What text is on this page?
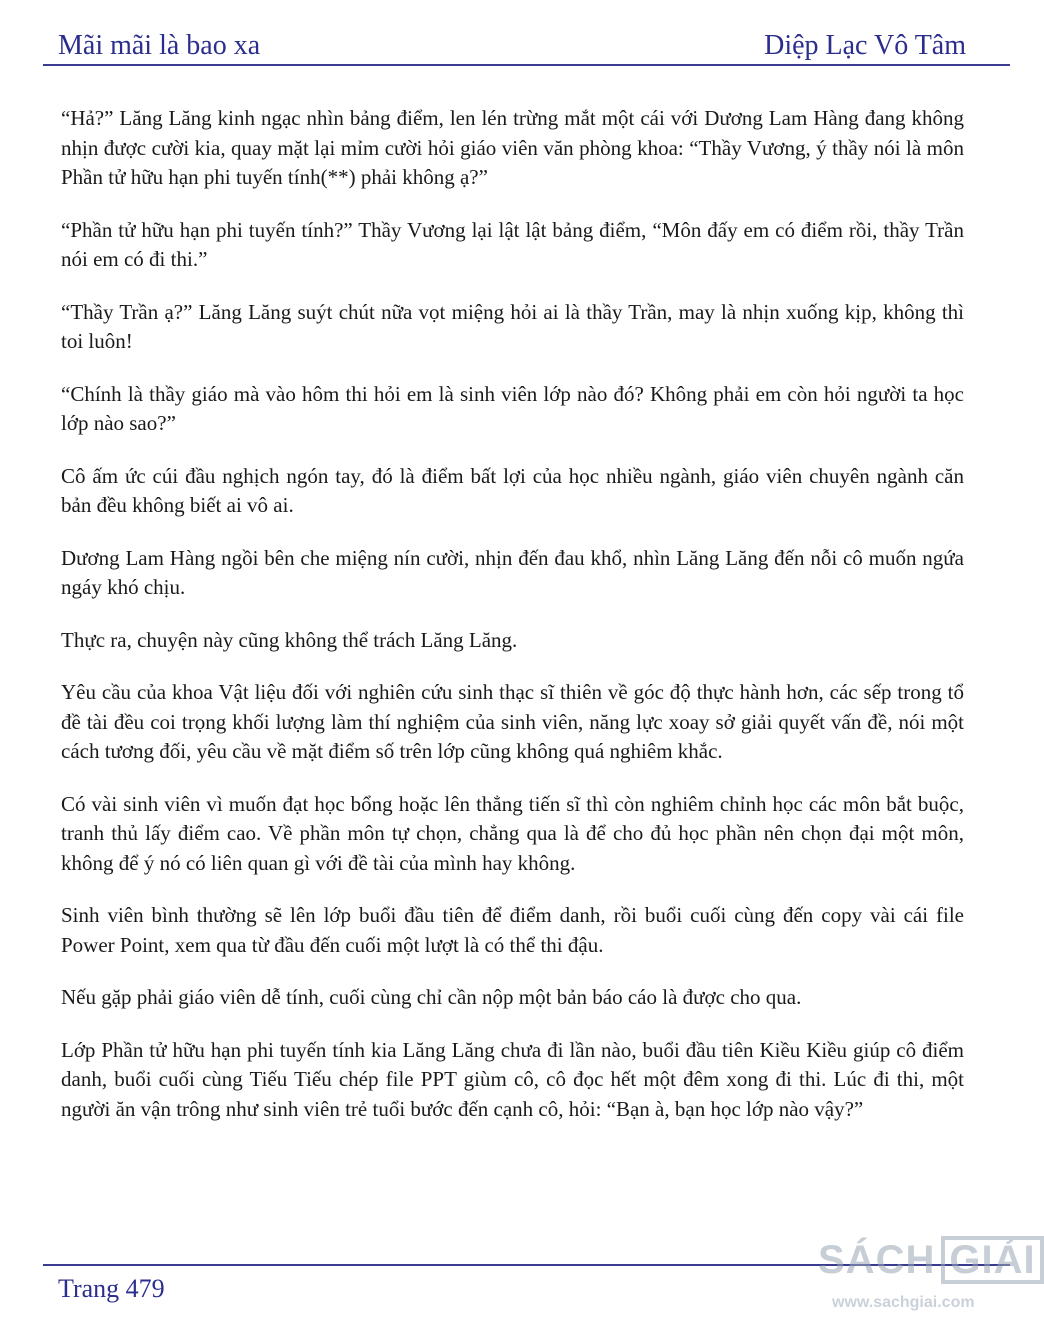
Mãi mãi là bao xa	Diệp Lạc Vô Tâm

“Hả?” Lăng Lăng kinh ngạc nhìn bảng điểm, len lén trừng mắt một cái với Dương Lam Hàng đang không nhịn được cười kia, quay mặt lại mỉm cười hỏi giáo viên văn phòng khoa: “Thầy Vương, ý thầy nói là môn Phần tử hữu hạn phi tuyến tính(**) phải không ạ?”

“Phần tử hữu hạn phi tuyến tính?” Thầy Vương lại lật lật bảng điểm, “Môn đấy em có điểm rồi, thầy Trần nói em có đi thi.”

“Thầy Trần ạ?” Lăng Lăng suýt chút nữa vọt miệng hỏi ai là thầy Trần, may là nhịn xuống kịp, không thì toi luôn!

“Chính là thầy giáo mà vào hôm thi hỏi em là sinh viên lớp nào đó? Không phải em còn hỏi người ta học lớp nào sao?”

Cô ấm ức cúi đầu nghịch ngón tay, đó là điểm bất lợi của học nhiều ngành, giáo viên chuyên ngành căn bản đều không biết ai vô ai.

Dương Lam Hàng ngồi bên che miệng nín cười, nhịn đến đau khổ, nhìn Lăng Lăng đến nỗi cô muốn ngứa ngáy khó chịu.

Thực ra, chuyện này cũng không thể trách Lăng Lăng.

Yêu cầu của khoa Vật liệu đối với nghiên cứu sinh thạc sĩ thiên về góc độ thực hành hơn, các sếp trong tổ đề tài đều coi trọng khối lượng làm thí nghiệm của sinh viên, năng lực xoay sở giải quyết vấn đề, nói một cách tương đối, yêu cầu về mặt điểm số trên lớp cũng không quá nghiêm khắc.

Có vài sinh viên vì muốn đạt học bổng hoặc lên thẳng tiến sĩ thì còn nghiêm chỉnh học các môn bắt buộc, tranh thủ lấy điểm cao. Về phần môn tự chọn, chẳng qua là để cho đủ học phần nên chọn đại một môn, không để ý nó có liên quan gì với đề tài của mình hay không.

Sinh viên bình thường sẽ lên lớp buổi đầu tiên để điểm danh, rồi buổi cuối cùng đến copy vài cái file Power Point, xem qua từ đầu đến cuối một lượt là có thể thi đậu.

Nếu gặp phải giáo viên dễ tính, cuối cùng chỉ cần nộp một bản báo cáo là được cho qua.

Lớp Phần tử hữu hạn phi tuyến tính kia Lăng Lăng chưa đi lần nào, buổi đầu tiên Kiều Kiều giúp cô điểm danh, buổi cuối cùng Tiếu Tiếu chép file PPT giùm cô, cô đọc hết một đêm xong đi thi. Lúc đi thi, một người ăn vận trông như sinh viên trẻ tuổi bước đến cạnh cô, hỏi: “Bạn à, bạn học lớp nào vậy?”

Trang 479
SÁCH GIẢI
www.sachgiai.com
